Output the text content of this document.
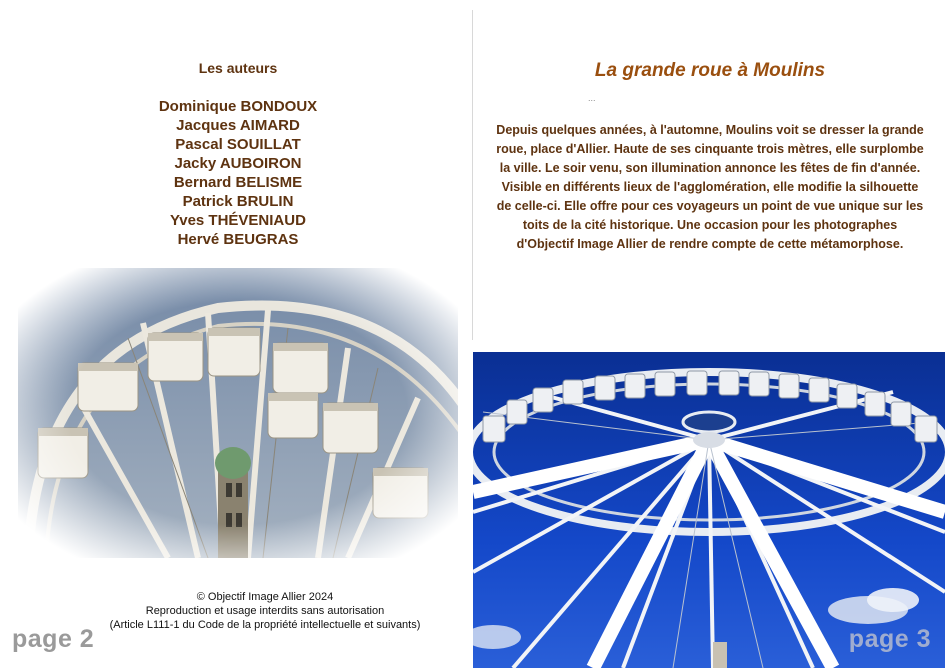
Les auteurs
Dominique BONDOUX
Jacques AIMARD
Pascal SOUILLAT
Jacky AUBOIRON
Bernard BELISME
Patrick BRULIN
Yves THÉVENIAUD
Hervé BEUGRAS
© Objectif Image Allier 2024
Reproduction et usage interdits sans autorisation
(Article L111-1 du Code de la propriété intellectuelle et suivants)
page 2
La grande roue à Moulins
...

Depuis quelques années, à l'automne, Moulins voit se dresser la grande roue, place d'Allier. Haute de ses cinquante trois mètres, elle surplombe la ville. Le soir venu, son illumination annonce les fêtes de fin d'année. Visible en différents lieux de l'agglomération, elle modifie la silhouette de celle-ci. Elle offre pour ces voyageurs un point de vue unique sur les toits de la cité historique. Une occasion pour les photographes d'Objectif Image Allier de rendre compte de cette métamorphose.

page 3
